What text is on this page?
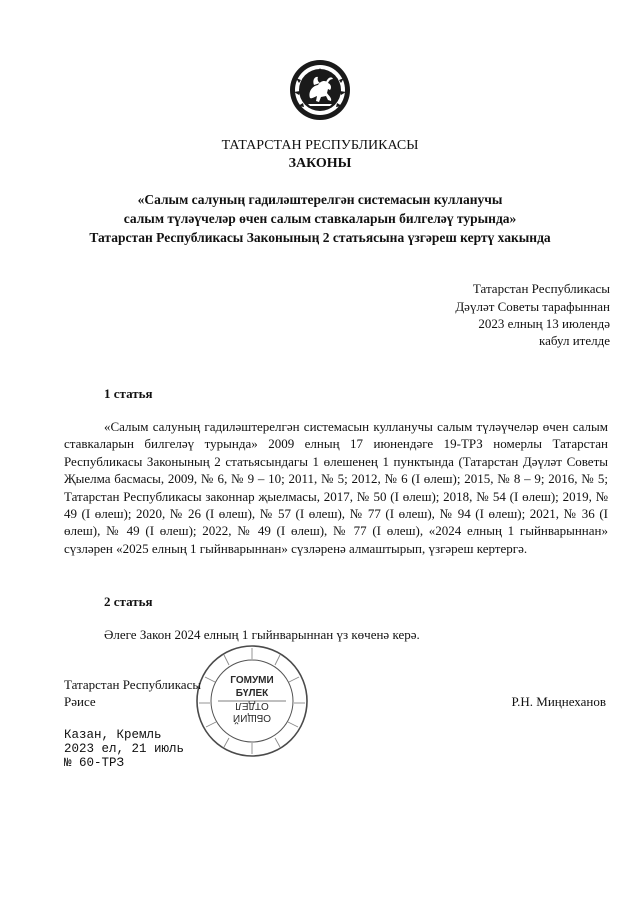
ТАТАРСТАН РЕСПУБЛИКАСЫ
ЗАКОНЫ
«Салым салуның гадиләштерелгән системасын кулланучы
салым түләүчеләр өчен салым ставкаларын билгеләү турында»
Татарстан Республикасы Законының 2 статьясына үзгәреш кертү хакында
Татарстан Республикасы
Дәүләт Советы тарафыннан
2023 елның 13 июлендә
кабул ителде
1 статья

«Салым салуның гадиләштерелгән системасын кулланучы салым түләүчеләр өчен салым ставкаларын билгеләү турында» 2009 елның 17 июнендәге 19-ТРЗ номерлы Татарстан Республикасы Законының 2 статьясындагы 1 өлешенең 1 пунктында (Татарстан Дәүләт Советы Җыелма басмасы, 2009, № 6, № 9 – 10; 2011, № 5; 2012, № 6 (I өлеш); 2015, № 8 – 9; 2016, № 5; Татарстан Республикасы законнар җыелмасы, 2017, № 50 (I өлеш); 2018, № 54 (I өлеш); 2019, № 49 (I өлеш); 2020, № 26 (I өлеш), № 57 (I өлеш), № 77 (I өлеш), № 94 (I өлеш); 2021, № 36 (I өлеш), № 49 (I өлеш); 2022, № 49 (I өлеш), № 77 (I өлеш), «2024 елның 1 гыйнварыннан» сүзләрен «2025 елның 1 гыйнварыннан» сүзләренә алмаштырып, үзгәреш кертергә.

2 статья
Әлеге Закон 2024 елның 1 гыйнварыннан үз көченә керә.
Татарстан Республикасы
Рәисе	Р.Н. Миңнеханов
Казан, Кремль
2023 ел, 21 июль
№ 60-ТРЗ
ГОМУМИ
БҮЛЕК
ОБЩИЙ
ОТДЕЛ
